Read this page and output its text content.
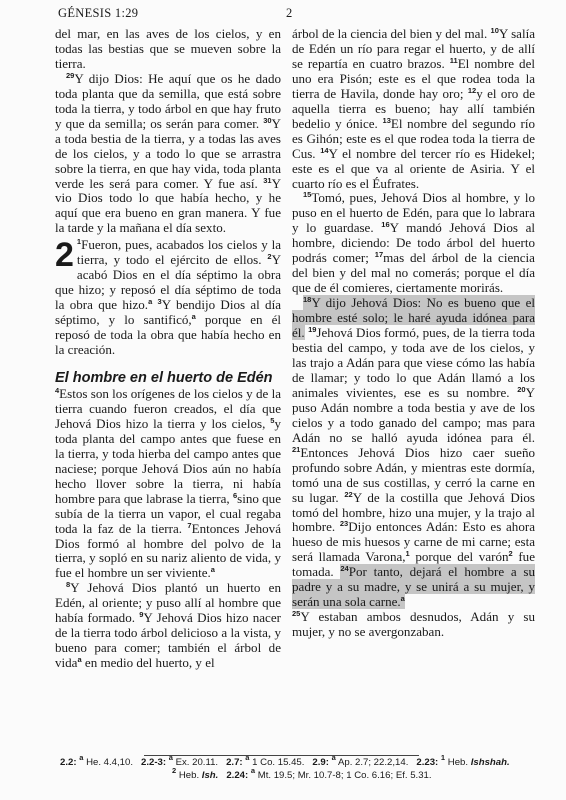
GÉNESIS 1:29	2

del mar, en las aves de los cielos, y en todas las bestias que se mueven sobre la tierra.

$^{29}$Y dijo Dios: He aquí que os he dado toda planta que da semilla, que está sobre toda la tierra, y todo árbol en que hay fruto y que da semilla; os serán para comer. $^{30}$Y a toda bestia de la tierra, y a todas las aves de los cielos, y a todo lo que se arrastra sobre la tierra, en que hay vida, toda planta verde les será para comer. Y fue así. $^{31}$Y vio Dios todo lo que había hecho, y he aquí que era bueno en gran manera. Y fue la tarde y la mañana el día sexto.

2 $^1$Fueron, pues, acabados los cielos y la tierra, y todo el ejército de ellos. $^2$Y acabó Dios en el día séptimo la obra que hizo; y reposó el día séptimo de toda la obra que hizo.$^a$ $^3$Y bendijo Dios al día séptimo, y lo santificó,$^a$ porque en él reposó de toda la obra que había hecho en la creación.

El hombre en el huerto de Edén

$^4$Estos son los orígenes de los cielos y de la tierra cuando fueron creados, el día que Jehová Dios hizo la tierra y los cielos, $^5$y toda planta del campo antes que fuese en la tierra, y toda hierba del campo antes que naciese; porque Jehová Dios aún no había hecho llover sobre la tierra, ni había hombre para que labrase la tierra, $^6$sino que subía de la tierra un vapor, el cual regaba toda la faz de la tierra. $^7$Entonces Jehová Dios formó al hombre del polvo de la tierra, y sopló en su nariz aliento de vida, y fue el hombre un ser viviente.$^a$

$^8$Y Jehová Dios plantó un huerto en Edén, al oriente; y puso allí al hombre que había formado. $^9$Y Jehová Dios hizo nacer de la tierra todo árbol delicioso a la vista, y bueno para comer; también el árbol de vida$^a$ en medio del huerto, y el

árbol de la ciencia del bien y del mal. $^{10}$Y salía de Edén un río para regar el huerto, y de allí se repartía en cuatro brazos. $^{11}$El nombre del uno era Pisón; este es el que rodea toda la tierra de Havila, donde hay oro; $^{12}$y el oro de aquella tierra es bueno; hay allí también bedelio y ónice. $^{13}$El nombre del segundo río es Gihón; este es el que rodea toda la tierra de Cus. $^{14}$Y el nombre del tercer río es Hidekel; este es el que va al oriente de Asiria. Y el cuarto río es el Éufrates.

$^{15}$Tomó, pues, Jehová Dios al hombre, y lo puso en el huerto de Edén, para que lo labrara y lo guardase. $^{16}$Y mandó Jehová Dios al hombre, diciendo: De todo árbol del huerto podrás comer; $^{17}$mas del árbol de la ciencia del bien y del mal no comerás; porque el día que de él comieres, ciertamente morirás.

$^{18}$Y dijo Jehová Dios: No es bueno que el hombre esté solo; le haré ayuda idónea para él. $^{19}$Jehová Dios formó, pues, de la tierra toda bestia del campo, y toda ave de los cielos, y las trajo a Adán para que viese cómo las había de llamar; y todo lo que Adán llamó a los animales vivientes, ese es su nombre. $^{20}$Y puso Adán nombre a toda bestia y ave de los cielos y a todo ganado del campo; mas para Adán no se halló ayuda idónea para él. $^{21}$Entonces Jehová Dios hizo caer sueño profundo sobre Adán, y mientras este dormía, tomó una de sus costillas, y cerró la carne en su lugar. $^{22}$Y de la costilla que Jehová Dios tomó del hombre, hizo una mujer, y la trajo al hombre. $^{23}$Dijo entonces Adán: Esto es ahora hueso de mis huesos y carne de mi carne; esta será llamada Varona,$^1$ porque del varón$^2$ fue tomada. $^{24}$Por tanto, dejará el hombre a su padre y a su madre, y se unirá a su mujer, y serán una sola carne.$^a$

$^{25}$Y estaban ambos desnudos, Adán y su mujer, y no se avergonzaban.

2.2: $^a$ He. 4.4,10. 2.2-3: $^a$ Ex. 20.11. 2.7: $^a$ 1 Co. 15.45. 2.9: $^a$ Ap. 2.7; 22.2,14. 2.23: $^1$ Heb. Ishshah.
$^2$ Heb. Ish. 2.24: $^a$ Mt. 19.5; Mr. 10.7-8; 1 Co. 6.16; Ef. 5.31.
